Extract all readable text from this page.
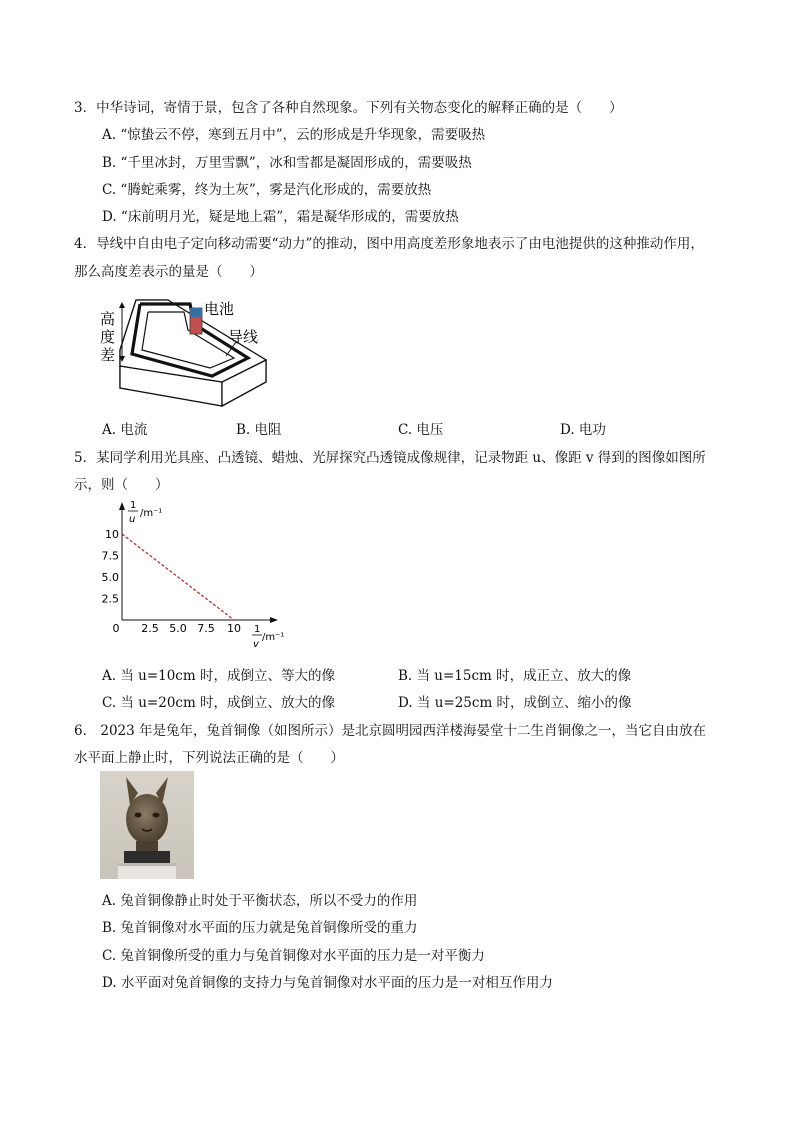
3．中华诗词，寄情于景，包含了各种自然现象。下列有关物态变化的解释正确的是（　　）
A. “惊蛰云不停，寒到五月中”，云的形成是升华现象，需要吸热
B. “千里冰封，万里雪飘”，冰和雪都是凝固形成的，需要吸热
C. “腾蛇乘雾，终为土灰”，雾是汽化形成的，需要放热
D. “床前明月光，疑是地上霜”，霜是凝华形成的，需要放热
4．导线中自由电子定向移动需要“动力”的推动，图中用高度差形象地表示了由电池提供的这种推动作用，
那么高度差表示的量是（　　）
高
度
差
电池
导线
A. 电流	B. 电阻	C. 电压	D. 电功
5．某同学利用光具座、凸透镜、蜡烛、光屏探究凸透镜成像规律，记录物距 u、像距 v 得到的图像如图所
示，则（　　）
1
u
/m⁻¹
1
v
/m⁻¹
0 2.5 5.0 7.5 10
2.5
5.0
7.5
10
A. 当 u=10cm 时，成倒立、等大的像	B. 当 u=15cm 时，成正立、放大的像
C. 当 u=20cm 时，成倒立、放大的像	D. 当 u=25cm 时，成倒立、缩小的像
6． 2023 年是兔年，兔首铜像（如图所示）是北京圆明园西洋楼海晏堂十二生肖铜像之一，当它自由放在
水平面上静止时，下列说法正确的是（　　）
A. 兔首铜像静止时处于平衡状态，所以不受力的作用
B. 兔首铜像对水平面的压力就是兔首铜像所受的重力
C. 兔首铜像所受的重力与兔首铜像对水平面的压力是一对平衡力
D. 水平面对兔首铜像的支持力与兔首铜像对水平面的压力是一对相互作用力
